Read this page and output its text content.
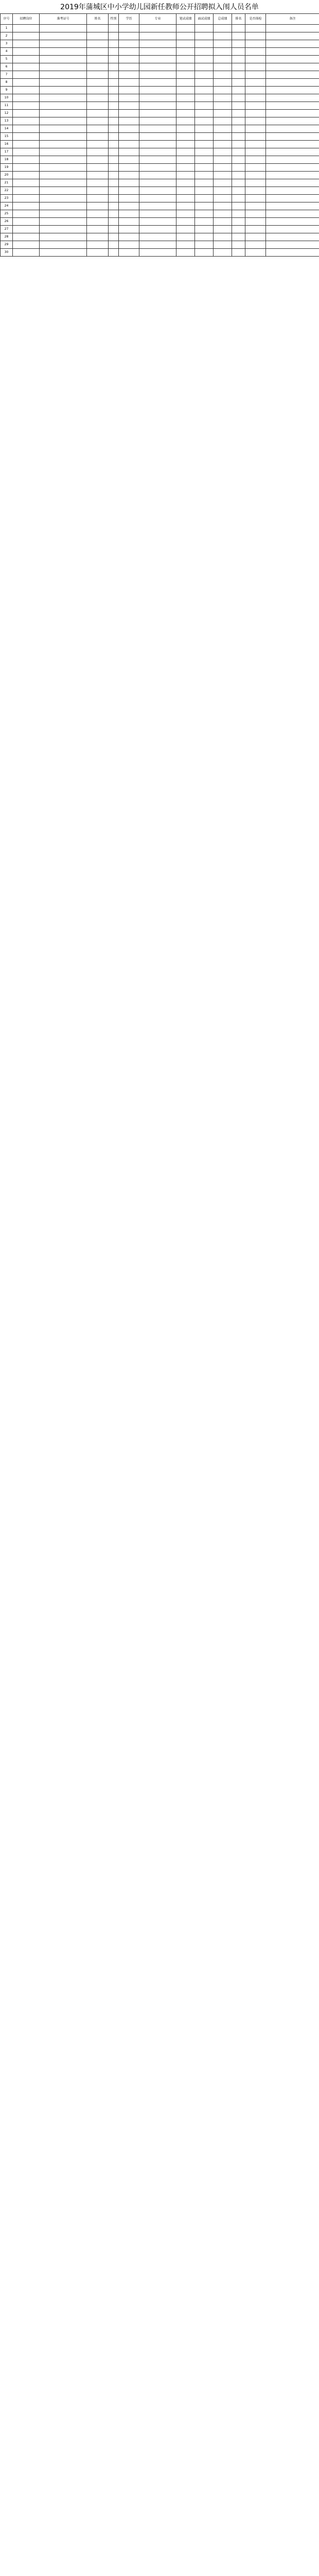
2019年蒲城区中小学幼儿园新任教师公开招聘拟入闱人员名单
序号	招聘岗位	准考证号	姓名	性别	学历	专业	笔试成绩	面试成绩	总成绩	排名	是否体检	备注
1												
2												
3												
4												
5												
6												
7												
8												
9												
10												
11												
12												
13												
14												
15												
16												
17												
18												
19												
20												
21												
22												
23												
24												
25												
26												
27												
28												
29												
30												
